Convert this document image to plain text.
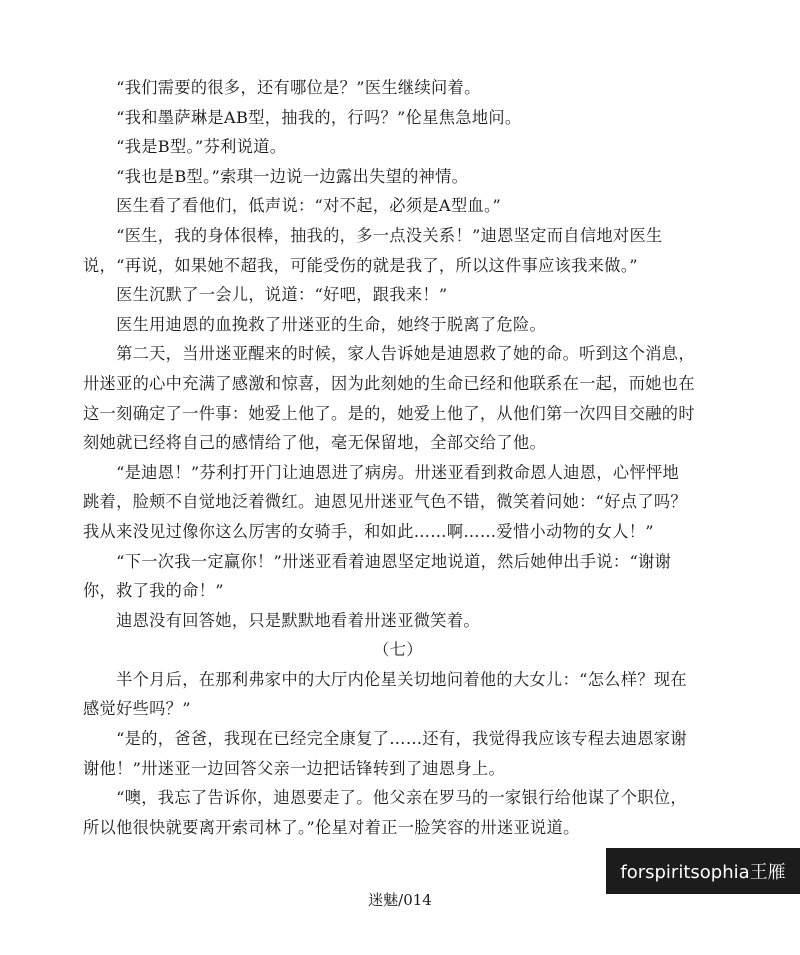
　　“我们需要的很多，还有哪位是？”医生继续问着。
　　“我和墨萨琳是AB型，抽我的，行吗？”伦星焦急地问。
　　“我是B型。”芬利说道。
　　“我也是B型。”索琪一边说一边露出失望的神情。
　　医生看了看他们，低声说：“对不起，必须是A型血。”
　　“医生，我的身体很棒，抽我的，多一点没关系！”迪恩坚定而自信地对医生
说，“再说，如果她不超我，可能受伤的就是我了，所以这件事应该我来做。”
　　医生沉默了一会儿，说道：“好吧，跟我来！”
　　医生用迪恩的血挽救了卅迷亚的生命，她终于脱离了危险。
　　第二天，当卅迷亚醒来的时候，家人告诉她是迪恩救了她的命。听到这个消息，
卅迷亚的心中充满了感激和惊喜，因为此刻她的生命已经和他联系在一起，而她也在
这一刻确定了一件事：她爱上他了。是的，她爱上他了，从他们第一次四目交融的时
刻她就已经将自己的感情给了他，毫无保留地，全部交给了他。
　　“是迪恩！”芬利打开门让迪恩进了病房。卅迷亚看到救命恩人迪恩，心怦怦地
跳着，脸颊不自觉地泛着微红。迪恩见卅迷亚气色不错，微笑着问她：“好点了吗？
我从来没见过像你这么厉害的女骑手，和如此……啊……爱惜小动物的女人！”
　　“下一次我一定赢你！”卅迷亚看着迪恩坚定地说道，然后她伸出手说：“谢谢
你，救了我的命！”
　　迪恩没有回答她，只是默默地看着卅迷亚微笑着。
（七）
　　半个月后，在那利弗家中的大厅内伦星关切地问着他的大女儿：“怎么样？现在
感觉好些吗？”
　　“是的，爸爸，我现在已经完全康复了……还有，我觉得我应该专程去迪恩家谢
谢他！”卅迷亚一边回答父亲一边把话锋转到了迪恩身上。
　　“噢，我忘了告诉你，迪恩要走了。他父亲在罗马的一家银行给他谋了个职位，
所以他很快就要离开索司林了。”伦星对着正一脸笑容的卅迷亚说道。
forspiritsophia王雁
迷魅/014
